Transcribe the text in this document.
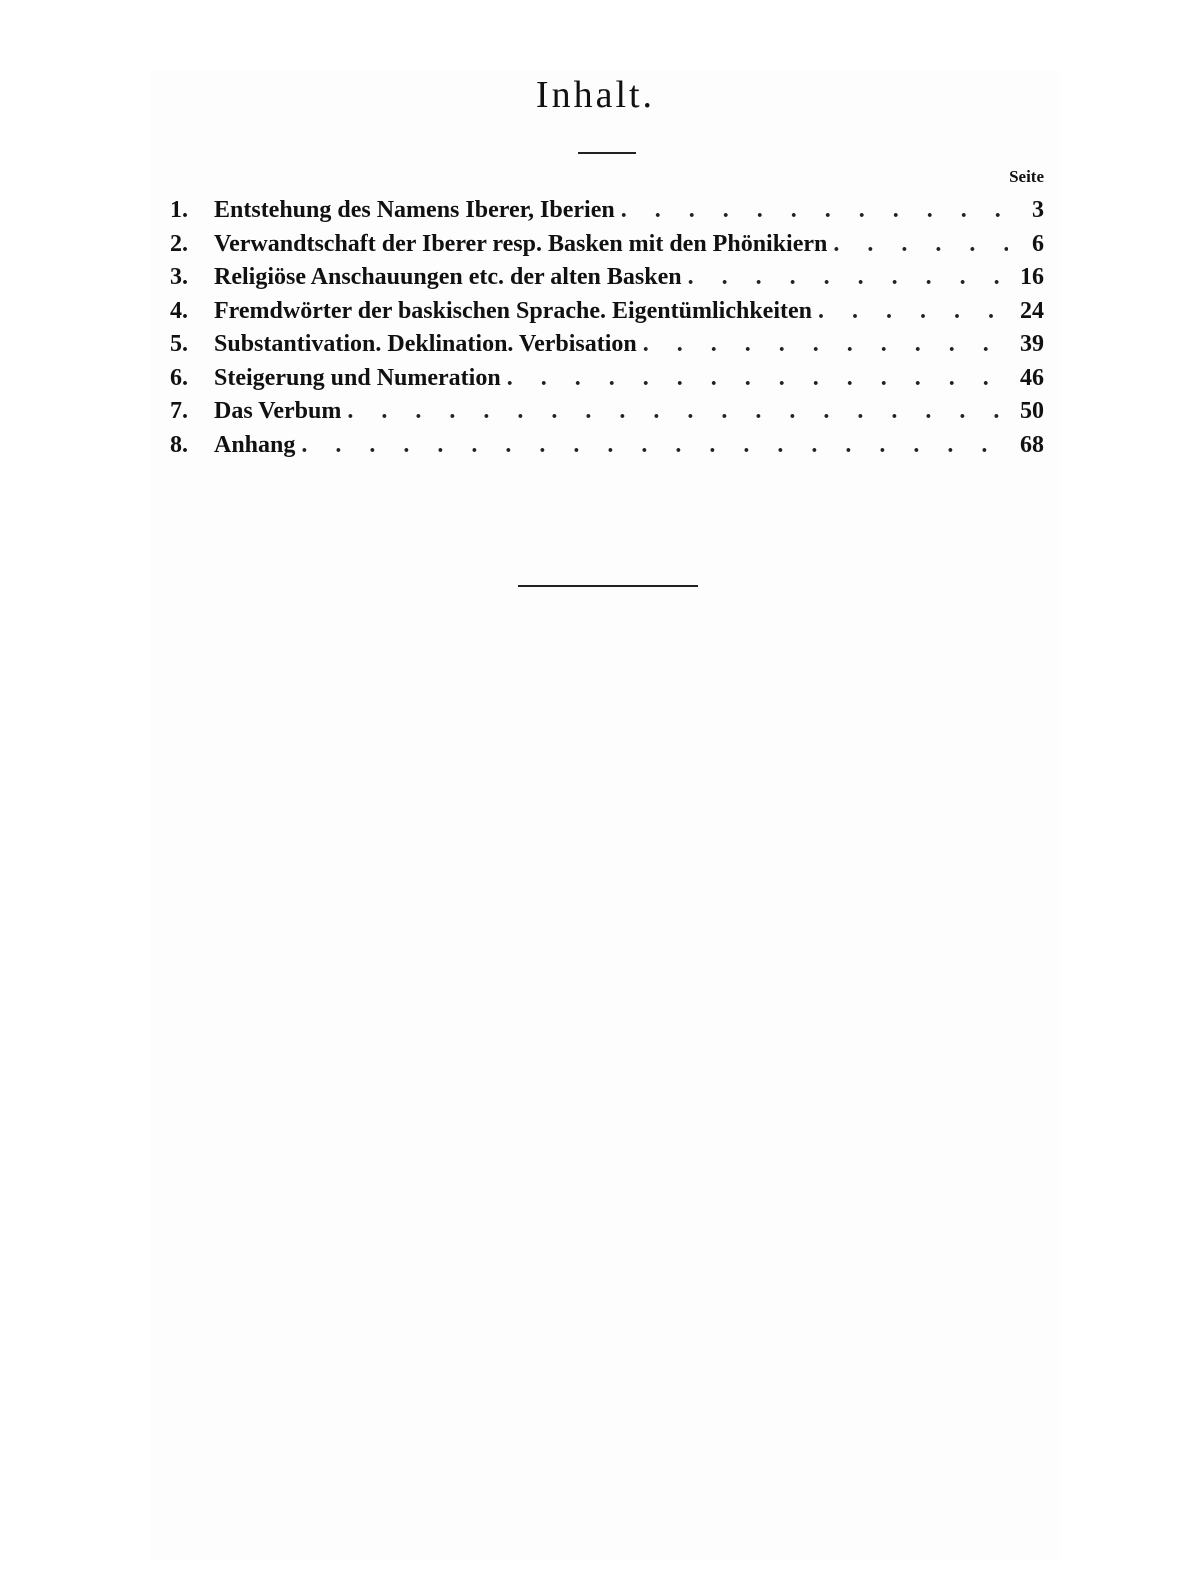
Inhalt.
Seite
1.	Entstehung des Namens Iberer, Iberien . . .	3
2.	Verwandtschaft der Iberer resp. Basken mit den Phönikiern . . .	6
3.	Religiöse Anschauungen etc. der alten Basken . . .	16
4.	Fremdwörter der baskischen Sprache. Eigentümlichkeiten . . .	24
5.	Substantivation. Deklination. Verbisation . . .	39
6.	Steigerung und Numeration . . .	46
7.	Das Verbum . . .	50
8.	Anhang . . .	68
